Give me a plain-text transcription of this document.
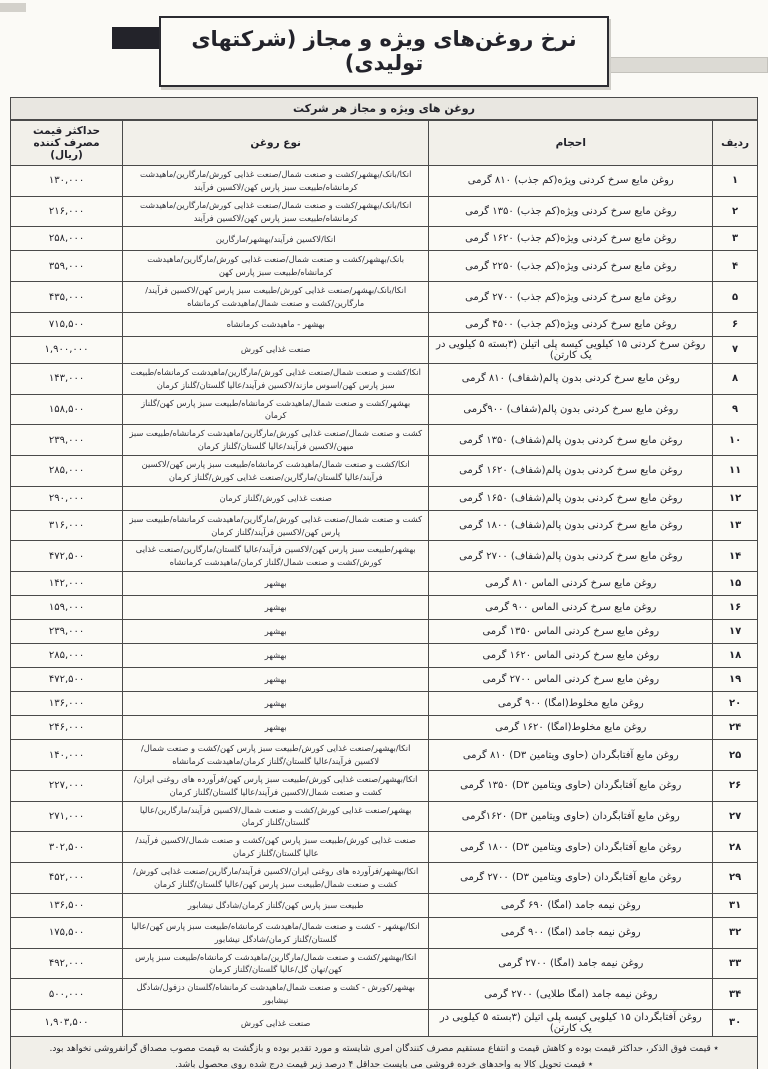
نرخ روغن‌های ویژه و مجاز (شرکتهای تولیدی)
روغن های ویژه و مجاز هر شرکت
ردیف	احجام	نوع روغن	حداکثر قیمت مصرف کننده (ریال)
۱	روغن مایع سرخ کردنی ویژه(کم جذب) ۸۱۰ گرمی	انکا/بانک/بهشهر/کشت و صنعت شمال/صنعت غذایی کورش/مارگارین/ماهیدشت کرمانشاه/طبیعت سبز پارس کهن/لاکسین فرآیند	۱۳۰,۰۰۰
۲	روغن مایع سرخ کردنی ویژه(کم جذب) ۱۳۵۰ گرمی	انکا/بانک/بهشهر/کشت و صنعت شمال/صنعت غذایی کورش/مارگارین/ماهیدشت کرمانشاه/طبیعت سبز پارس کهن/لاکسین فرآیند	۲۱۶,۰۰۰
۳	روغن مایع سرخ کردنی ویژه(کم جذب) ۱۶۲۰ گرمی	انکا/لاکسین فرآیند/بهشهر/مارگارین	۲۵۸,۰۰۰
۴	روغن مایع سرخ کردنی ویژه(کم جذب) ۲۲۵۰ گرمی	بانک/بهشهر/کشت و صنعت شمال/صنعت غذایی کورش/مارگارین/ماهیدشت کرمانشاه/طبیعت سبز پارس کهن	۳۵۹,۰۰۰
۵	روغن مایع سرخ کردنی ویژه(کم جذب) ۲۷۰۰ گرمی	انکا/بانک/بهشهر/صنعت غذایی کورش/طبیعت سبز پارس کهن/لاکسین فرآیند/مارگارین/کشت و صنعت شمال/ماهیدشت کرمانشاه	۴۳۵,۰۰۰
۶	روغن مایع سرخ کردنی ویژه(کم جذب) ۴۵۰۰ گرمی	بهشهر - ماهیدشت کرمانشاه	۷۱۵,۵۰۰
۷	روغن سرخ کردنی ۱۵ کیلویی کیسه پلی اتیلن (۳بسته ۵ کیلویی در یک کارتن)	صنعت غذایی کورش	۱,۹۰۰,۰۰۰
۸	روغن مایع سرخ کردنی بدون پالم(شفاف) ۸۱۰ گرمی	انکا/کشت و صنعت شمال/صنعت غذایی کورش/مارگارین/ماهیدشت کرمانشاه/طبیعت سبز پارس کهن/اسوس مازند/لاکسین فرآیند/عالیا گلستان/گلناز کرمان	۱۴۳,۰۰۰
۹	روغن مایع سرخ کردنی بدون پالم(شفاف) ۹۰۰گرمی	بهشهر/کشت و صنعت شمال/ماهیدشت کرمانشاه/طبیعت سبز پارس کهن/گلناز کرمان	۱۵۸,۵۰۰
۱۰	روغن مایع سرخ کردنی بدون پالم(شفاف) ۱۳۵۰ گرمی	کشت و صنعت شمال/صنعت غذایی کورش/مارگارین/ماهیدشت کرمانشاه/طبیعت سبز میهن/لاکسین فرآیند/عالیا گلستان/گلناز کرمان	۲۳۹,۰۰۰
۱۱	روغن مایع سرخ کردنی بدون پالم(شفاف) ۱۶۲۰ گرمی	انکا/کشت و صنعت شمال/ماهیدشت کرمانشاه/طبیعت سبز پارس کهن/لاکسین فرآیند/عالیا گلستان/مارگارین/صنعت غذایی کورش/گلناز کرمان	۲۸۵,۰۰۰
۱۲	روغن مایع سرخ کردنی بدون پالم(شفاف) ۱۶۵۰ گرمی	صنعت غذایی کورش/گلناز کرمان	۲۹۰,۰۰۰
۱۳	روغن مایع سرخ کردنی بدون پالم(شفاف) ۱۸۰۰ گرمی	کشت و صنعت شمال/صنعت غذایی کورش/مارگارین/ماهیدشت کرمانشاه/طبیعت سبز پارس کهن/لاکسین فرآیند/گلناز کرمان	۳۱۶,۰۰۰
۱۴	روغن مایع سرخ کردنی بدون پالم(شفاف) ۲۷۰۰ گرمی	بهشهر/طبیعت سبز پارس کهن/لاکسین فرآیند/عالیا گلستان/مارگارین/صنعت غذایی کورش/کشت و صنعت شمال/گلناز کرمان/ماهیدشت کرمانشاه	۴۷۲,۵۰۰
۱۵	روغن مایع سرخ کردنی الماس ۸۱۰ گرمی	بهشهر	۱۴۲,۰۰۰
۱۶	روغن مایع سرخ کردنی الماس ۹۰۰ گرمی	بهشهر	۱۵۹,۰۰۰
۱۷	روغن مایع سرخ کردنی الماس ۱۳۵۰ گرمی	بهشهر	۲۳۹,۰۰۰
۱۸	روغن مایع سرخ کردنی الماس ۱۶۲۰ گرمی	بهشهر	۲۸۵,۰۰۰
۱۹	روغن مایع سرخ کردنی الماس ۲۷۰۰ گرمی	بهشهر	۴۷۲,۵۰۰
۲۰	روغن مایع مخلوط(امگا) ۹۰۰ گرمی	بهشهر	۱۳۶,۰۰۰
۲۴	روغن مایع مخلوط(امگا) ۱۶۲۰ گرمی	بهشهر	۲۴۶,۰۰۰
۲۵	روغن مایع آفتابگردان (حاوی ویتامین D۳) ۸۱۰ گرمی	انکا/بهشهر/صنعت غذایی کورش/طبیعت سبز پارس کهن/کشت و صنعت شمال/لاکسین فرآیند/عالیا گلستان/گلناز کرمان/ماهیدشت کرمانشاه	۱۴۰,۰۰۰
۲۶	روغن مایع آفتابگردان (حاوی ویتامین D۳) ۱۳۵۰ گرمی	انکا/بهشهر/صنعت غذایی کورش/طبیعت سبز پارس کهن/فرآورده های روغنی ایران/کشت و صنعت شمال/لاکسین فرآیند/عالیا گلستان/گلناز کرمان	۲۲۷,۰۰۰
۲۷	روغن مایع آفتابگردان (حاوی ویتامین D۳) ۱۶۲۰گرمی	بهشهر/صنعت غذایی کورش/کشت و صنعت شمال/لاکسین فرآیند/مارگارین/عالیا گلستان/گلناز کرمان	۲۷۱,۰۰۰
۲۸	روغن مایع آفتابگردان (حاوی ویتامین D۳) ۱۸۰۰ گرمی	صنعت غذایی کورش/طبیعت سبز پارس کهن/کشت و صنعت شمال/لاکسین فرآیند/عالیا گلستان/گلناز کرمان	۳۰۲,۵۰۰
۲۹	روغن مایع آفتابگردان (حاوی ویتامین D۳) ۲۷۰۰ گرمی	انکا/بهشهر/فرآورده های روغنی ایران/لاکسین فرآیند/مارگارین/صنعت غذایی کورش/کشت و صنعت شمال/طبیعت سبز پارس کهن/عالیا گلستان/گلناز کرمان	۴۵۲,۰۰۰
۳۱	روغن نیمه جامد (امگا) ۶۹۰ گرمی	طبیعت سبز پارس کهن/گلناز کرمان/شادگل نیشابور	۱۳۶,۵۰۰
۳۲	روغن نیمه جامد (امگا) ۹۰۰ گرمی	انکا/بهشهر - کشت و صنعت شمال/ماهیدشت کرمانشاه/طبیعت سبز پارس کهن/عالیا گلستان/گلناز کرمان/شادگل نیشابور	۱۷۵,۵۰۰
۳۳	روغن نیمه جامد (امگا) ۲۷۰۰ گرمی	انکا/بهشهر/کشت و صنعت شمال/مارگارین/ماهیدشت کرمانشاه/طبیعت سبز پارس کهن/نهان گل/عالیا گلستان/گلناز کرمان	۴۹۲,۰۰۰
۳۴	روغن نیمه جامد (امگا طلایی) ۲۷۰۰ گرمی	بهشهر/کورش - کشت و صنعت شمال/ماهیدشت کرمانشاه/گلستان دزفول/شادگل نیشابور	۵۰۰,۰۰۰
۳۰	روغن آفتابگردان ۱۵ کیلویی کیسه پلی اتیلن (۳بسته ۵ کیلویی در یک کارتن)	صنعت غذایی کورش	۱,۹۰۳,۵۰۰

٭ قیمت فوق الذکر، حداکثر قیمت بوده و کاهش قیمت و انتفاع مستقیم مصرف کنندگان امری شایسته و مورد تقدیر بوده و بازگشت به قیمت مصوب مصداق گرانفروشی نخواهد بود.

٭ قیمت تحویل کالا به واحدهای خرده فروشی می بایست حداقل ۴ درصد زیر قیمت درج شده روی محصول باشد.
